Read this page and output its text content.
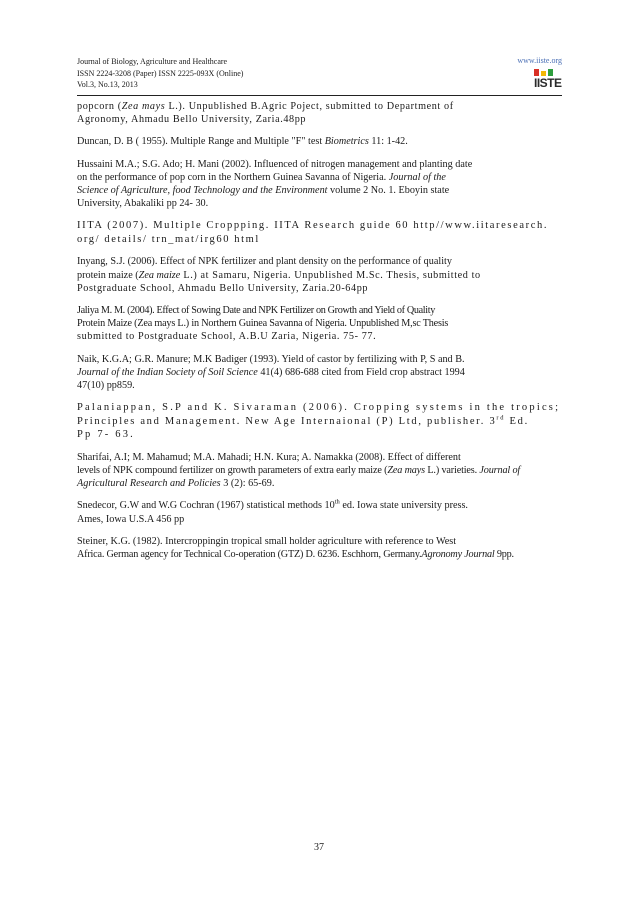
Journal of Biology, Agriculture and Healthcare
ISSN 2224-3208 (Paper) ISSN 2225-093X (Online)
Vol.3, No.13, 2013
www.iiste.org
IISTE

popcorn (Zea mays L.). Unpublished B.Agric Poject, submitted to Department of
Agronomy, Ahmadu Bello University, Zaria.48pp

Duncan, D. B ( 1955). Multiple Range and Multiple "F" test Biometrics 11: 1-42.

Hussaini M.A.; S.G. Ado; H. Mani (2002). Influenced of nitrogen management and planting date
on the performance of pop corn in the Northern Guinea Savanna of Nigeria. Journal of the
Science of Agriculture, food Technology and the Environment volume 2 No. 1. Eboyin state
University, Abakaliki pp 24- 30.

IITA (2007). Multiple Croppping. IITA Research guide 60 http//www.iitaresearch.
org/ details/ trn_mat/irg60 html

Inyang, S.J. (2006). Effect of NPK fertilizer and plant density on the performance of quality
protein maize (Zea maize L.) at Samaru, Nigeria. Unpublished M.Sc. Thesis, submitted to
Postgraduate School, Ahmadu Bello University, Zaria.20-64pp

Jaliya M. M. (2004). Effect of Sowing Date and NPK Fertilizer on Growth and Yield of Quality
Protein Maize (Zea mays L.) in Northern Guinea Savanna of Nigeria. Unpublished M,sc Thesis
submitted to Postgraduate School, A.B.U Zaria, Nigeria. 75- 77.

Naik, K.G.A; G.R. Manure; M.K Badiger (1993). Yield of castor by fertilizing with P, S and B.
Journal of the Indian Society of Soil Science 41(4) 686-688 cited from Field crop abstract 1994
47(10) pp859.

Palaniappan, S.P and K. Sivaraman (2006). Cropping systems in the tropics;
Principles and Management. New Age Internaional (P) Ltd, publisher. 3rd Ed.
Pp 7- 63.

Sharifai, A.I; M. Mahamud; M.A. Mahadi; H.N. Kura; A. Namakka (2008). Effect of different
levels of NPK compound fertilizer on growth parameters of extra early maize (Zea mays L.) varieties. Journal of
Agricultural Research and Policies 3 (2): 65-69.

Snedecor, G.W and W.G Cochran (1967) statistical methods 10th ed. Iowa state university press.
Ames, Iowa U.S.A 456 pp

Steiner, K.G. (1982). Intercroppingin tropical small holder agriculture with reference to West
Africa. German agency for Technical Co-operation (GTZ) D. 6236. Eschhorn, Germany.Agronomy Journal 9pp.

37
